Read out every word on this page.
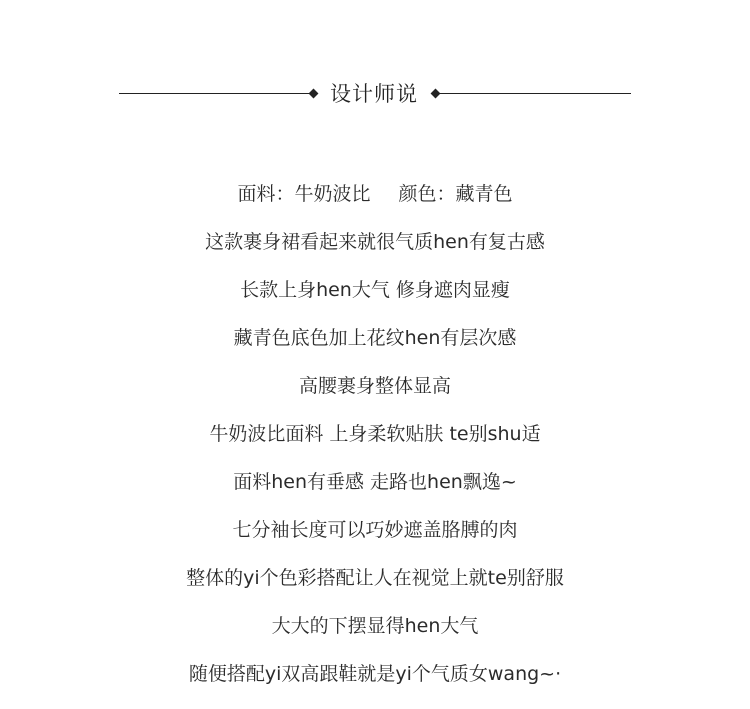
设计师说
面料：牛奶波比 颜色：藏青色
这款裹身裙看起来就很气质hen有复古感
长款上身hen大气 修身遮肉显瘦
藏青色底色加上花纹hen有层次感
高腰裹身整体显高
牛奶波比面料 上身柔软贴肤 te别shu适
面料hen有垂感 走路也hen飘逸~
七分袖长度可以巧妙遮盖胳膊的肉
整体的yi个色彩搭配让人在视觉上就te别舒服
大大的下摆显得hen大气
随便搭配yi双高跟鞋就是yi个气质女wang~·
